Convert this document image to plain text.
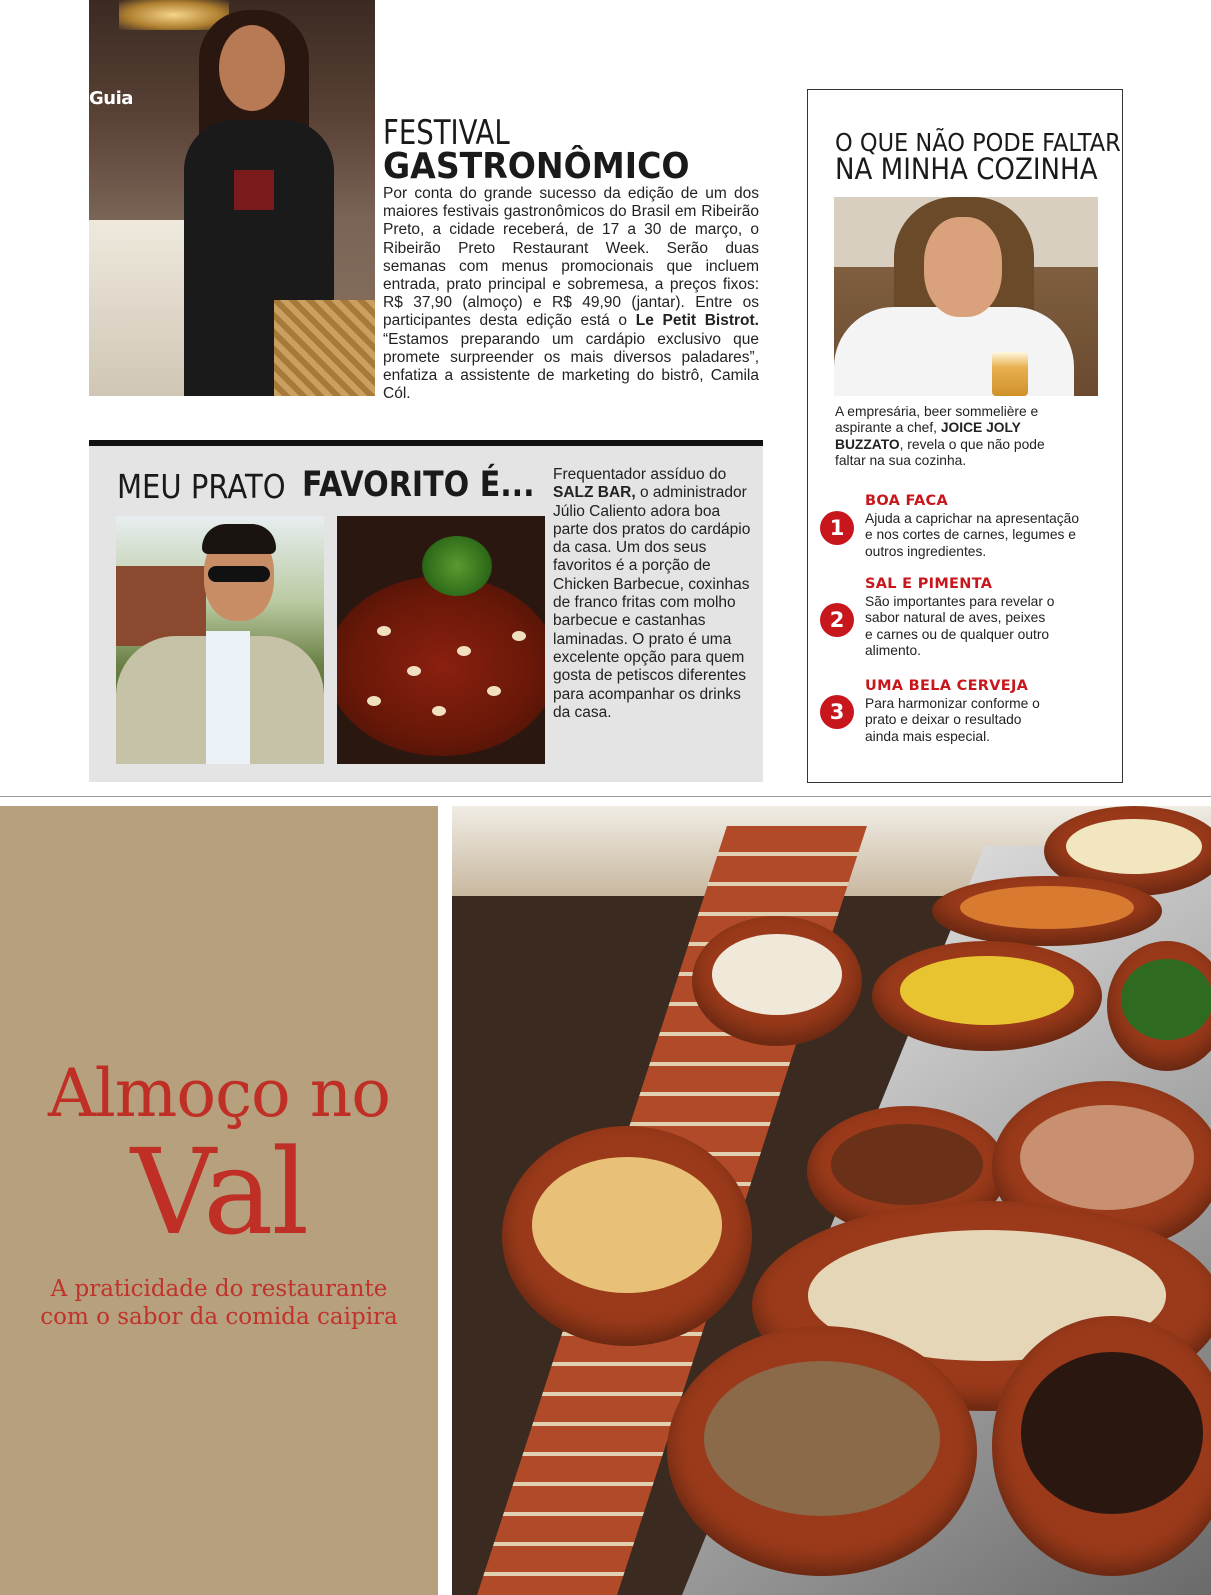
Guia
FESTIVAL
GASTRONÔMICO
Por conta do grande sucesso da edição de um dos maiores festivais gastronômicos do Brasil em Ribeirão Preto, a cidade receberá, de 17 a 30 de março, o Ribeirão Preto Restaurant Week. Serão duas semanas com menus promocionais que incluem entrada, prato principal e sobremesa, a preços fixos: R$ 37,90 (almoço) e R$ 49,90 (jantar). Entre os participantes desta edição está o Le Petit Bistrot. “Estamos preparando um cardápio exclusivo que promete surpreender os mais diversos paladares”, enfatiza a assistente de marketing do bistrô, Camila Cól.
MEU PRATO FAVORITO É... Frequentador assíduo do SALZ BAR, o administrador Júlio Caliento adora boa parte dos pratos do cardápio da casa. Um dos seus favoritos é a porção de Chicken Barbecue, coxinhas de franco fritas com molho barbecue e castanhas laminadas. O prato é uma excelente opção para quem gosta de petiscos diferentes para acompanhar os drinks da casa.
O QUE NÃO PODE FALTAR
NA MINHA COZINHA
A empresária, beer sommelière e aspirante a chef, JOICE JOLY BUZZATO, revela o que não pode faltar na sua cozinha.
1
BOA FACA
Ajuda a caprichar na apresentação e nos cortes de carnes, legumes e outros ingredientes.
2
SAL E PIMENTA
São importantes para revelar o sabor natural de aves, peixes e carnes ou de qualquer outro alimento.
3
UMA BELA CERVEJA
Para harmonizar conforme o prato e deixar o resultado ainda mais especial.
Almoço no
Val
A praticidade do restaurante
com o sabor da comida caipira
